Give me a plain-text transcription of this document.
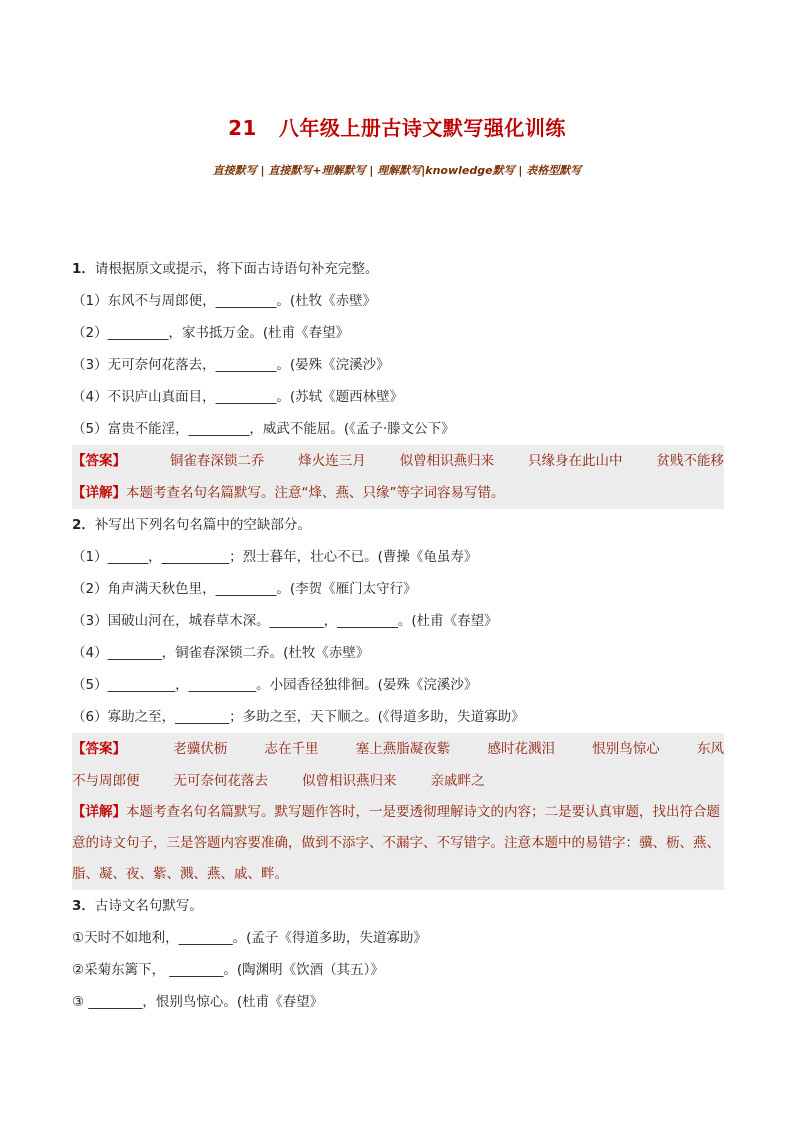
21 八年级上册古诗文默写强化训练
直接默写 | 直接默写+理解默写 | 理解默写|knowledge默写 | 表格型默写
1．请根据原文或提示，将下面古诗语句补充完整。
（1）东风不与周郎便，_________。(杜牧《赤壁》
（2）_________，家书抵万金。(杜甫《春望》
（3）无可奈何花落去，_________。(晏殊《浣溪沙》
（4）不识庐山真面目，_________。(苏轼《题西林壁》
（5）富贵不能淫，_________，威武不能屈。(《孟子·滕文公下》
【答案】	铜雀春深锁二乔	烽火连三月	似曾相识燕归来	只缘身在此山中	贫贱不能移
【详解】本题考查名句名篇默写。注意“烽、燕、只缘”等字词容易写错。
2．补写出下列名句名篇中的空缺部分。
（1）______，__________；烈士暮年，壮心不已。(曹操《龟虽寿》
（2）角声满天秋色里，_________。(李贺《雁门太守行》
（3）国破山河在，城春草木深。________，_________。(杜甫《春望》
（4）________，铜雀春深锁二乔。(杜牧《赤壁》
（5）__________，__________。小园香径独徘徊。(晏殊《浣溪沙》
（6）寡助之至，________；多助之至，天下顺之。(《得道多助，失道寡助》
【答案】	老骥伏枥	志在千里	塞上燕脂凝夜紫	感时花溅泪	恨别鸟惊心	东风
不与周郎便	无可奈何花落去	似曾相识燕归来	亲戚畔之
【详解】本题考查名句名篇默写。默写题作答时，一是要透彻理解诗文的内容；二是要认真审题，找出符合题意的诗文句子，三是答题内容要准确，做到不添字、不漏字、不写错字。注意本题中的易错字：骥、枥、燕、脂、凝、夜、紫、溅、燕、戚、畔。
3．古诗文名句默写。
①天时不如地利，________。(孟子《得道多助，失道寡助》
②采菊东篱下， ________。(陶渊明《饮酒（其五）》
③ ________，恨别鸟惊心。(杜甫《春望》
